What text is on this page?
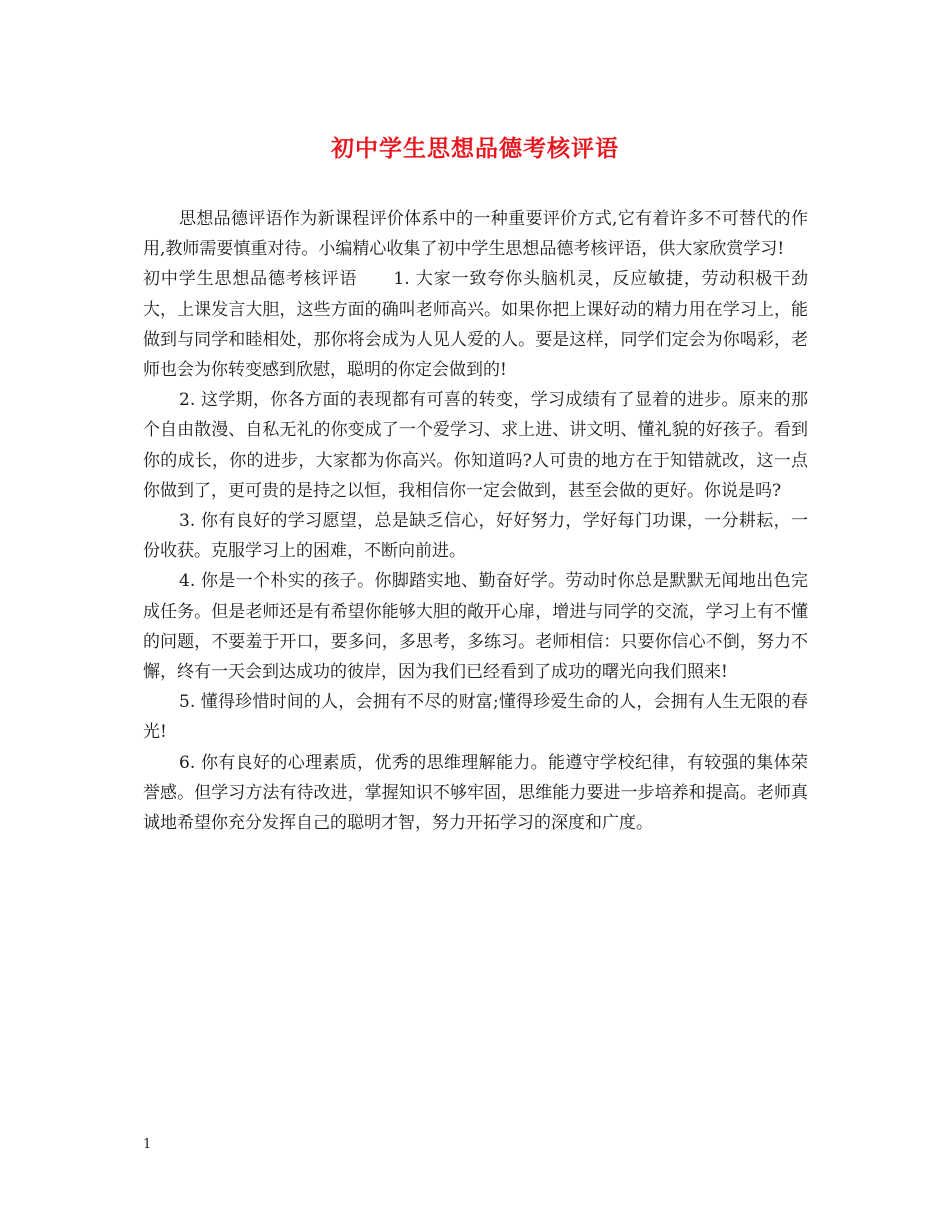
初中学生思想品德考核评语

思想品德评语作为新课程评价体系中的一种重要评价方式,它有着许多不可替代的作用,教师需要慎重对待。小编精心收集了初中学生思想品德考核评语，供大家欣赏学习!

初中学生思想品德考核评语 1. 大家一致夸你头脑机灵，反应敏捷，劳动积极干劲大，上课发言大胆，这些方面的确叫老师高兴。如果你把上课好动的精力用在学习上，能做到与同学和睦相处，那你将会成为人见人爱的人。要是这样，同学们定会为你喝彩，老师也会为你转变感到欣慰，聪明的你定会做到的!

2. 这学期，你各方面的表现都有可喜的转变，学习成绩有了显着的进步。原来的那个自由散漫、自私无礼的你变成了一个爱学习、求上进、讲文明、懂礼貌的好孩子。看到你的成长，你的进步，大家都为你高兴。你知道吗?人可贵的地方在于知错就改，这一点你做到了，更可贵的是持之以恒，我相信你一定会做到，甚至会做的更好。你说是吗?

3. 你有良好的学习愿望，总是缺乏信心，好好努力，学好每门功课，一分耕耘，一份收获。克服学习上的困难，不断向前进。

4. 你是一个朴实的孩子。你脚踏实地、勤奋好学。劳动时你总是默默无闻地出色完成任务。但是老师还是有希望你能够大胆的敞开心扉，增进与同学的交流，学习上有不懂的问题，不要羞于开口，要多问，多思考，多练习。老师相信：只要你信心不倒，努力不懈，终有一天会到达成功的彼岸，因为我们已经看到了成功的曙光向我们照来!

5. 懂得珍惜时间的人，会拥有不尽的财富;懂得珍爱生命的人，会拥有人生无限的春光!

6. 你有良好的心理素质，优秀的思维理解能力。能遵守学校纪律，有较强的集体荣誉感。但学习方法有待改进，掌握知识不够牢固，思维能力要进一步培养和提高。老师真诚地希望你充分发挥自己的聪明才智，努力开拓学习的深度和广度。

1
